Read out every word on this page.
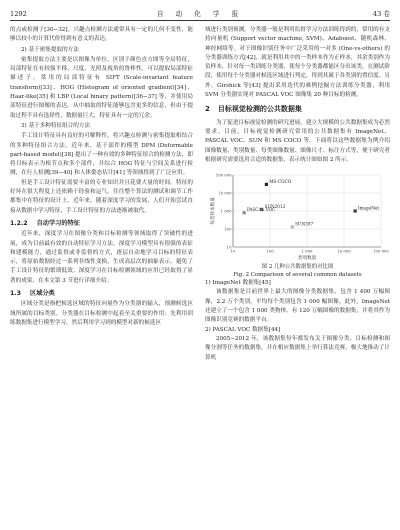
1292	自 动 化 学 报	43 卷

的点或检测子[30−32]。兴趣点检测方法通常具有一定的几何不变性，能够以较小的计算代价得到有意义的表达。

2) 基于密集提取的方法

密集提取方法主要是以图像为单位，区别于颜色直方图等全局特征，局部特征在有较强平移、尺度、光照及视角的鲁棒性，可以提取局部特征描述子。常用的局部特征有 SIFT (Scale-invariant feature transform)[33]、HOG (Histogram of oriented gradient)[34]、Haar-like[35] 和 LBP (Local binary pattern)[36−37] 等，并使用局部特征进行图像的表达。从中抽取的特征能够包含更多的信息，但由于提取过程不具有选择性，数据量巨大，特征具有一定的冗余。

3) 基于多种特征组合的方法

手工设计特征具有良好的可解释性，将兴趣点检测与密集提取相结合的多种特征组合方法。近年来，基于部件的模型 DPM (Deformable part-based model)[38] 提出了一种有效的多种特征组合的检测方法，即将目标表示为根节点和多个部件，并综合 HOG 特征与空间关系进行检测，在行人检测[39−40] 和人体姿态估计[41] 等领域得到了广泛应用。

但是手工设计特征需要丰富的专业知识并且花费大量的时间，特征的好坏在很大程度上还依赖于经验和运气。往往整个算法的测试和调节工作都集中在特征的设计上。近年来，随着深度学习的发展，人们开始尝试直接从数据中学习特征，手工设计特征的方法逐渐被取代。

1.2.2 自动学习的特征

近年来，深度学习在图像分类和目标检测等领域取得了突破性的进展，成为目前最有效的自动特征学习方法。深度学习模型具有很强的表征和建模能力，通过监督或非监督的方式，逐层自动地学习目标的特征表示，将原始数据经过一系列非线性变换，生成高层次的抽象表示，避免了手工设计特征的繁琐低效。深度学习在目标检测领域的应用已经取得了显著的成果，在本文第 3 节进行详细介绍。

1.3 区域分类

区域分类是指把候选区域的特征向量作为分类器的输入，预测候选区域所属的目标类别。分类器在目标检测中起着至关重要的作用：先利用训练数据集进行模型学习，然后利用学习到的模型对新的候选区

域进行类别预测。分类器一般是利用监督学习方法训练得到的，常用的有支持向量机 (Support vector machine, SVM)、Adaboost、随机森林、神经网络等。对于图像识别任务中广泛采用的一对多 (One-vs-others) 的分类器训练方式[42]，就是利用其中的一类样本作为正样本，其余类别作为负样本，针对每一类训练分类器，使每个分类器都能区分出该类。在测试阶段，使用每个分类器对候选区域进行判定，得到其属于各类别的置信度。另外，Girshick 等[43] 提出采用迭代的难例挖掘方法训练分类器，利用 SVM 分类器实现对 PASCAL VOC 图像集 20 种目标的检测。

2 目标视觉检测的公共数据集

为了促进目标视觉检测的研究进展，建立大规模的公共数据集成为必然要求。目前，目标视觉检测研究常用的公共数据集有 ImageNet、PASCAL VOC、SUN 和 MS COCO 等。下面将以这些数据集为例介绍图像数量、类别数量、每类图像数量、图像尺寸、标注方式等，便于研究者根据研究需要选用合适的数据集，表示统计图如图 2 所示。

10
10
100
100
1 000
1 000
10 000
10 000
100 000
100 000
MS-COCO
SUN2012
PASCAL VOC	ImageNet
SUN397
每类样本数量
类别数量
图 2 几种公共数据集的对比图
Fig. 2 Comparison of several common datasets

1) ImageNet 数据集[45]

该数据集是目前世界上最大的图像分类数据集，包含 1 400 万幅图像，2.2 万个类别，平均每个类别包含 1 000 幅图像。此外，ImageNet 还建立了一个包含 1 000 类物体，有 120 万幅图像的数据集，并将其作为图像识别竞赛的数据平台。

2) PASCAL VOC 数据集[44]

2005∼2012 年，该数据集每年都发布关于图像分类、目标检测和图像分割等任务的数据集，并在相应数据集上举行算法竞赛，极大地推动了计算机
